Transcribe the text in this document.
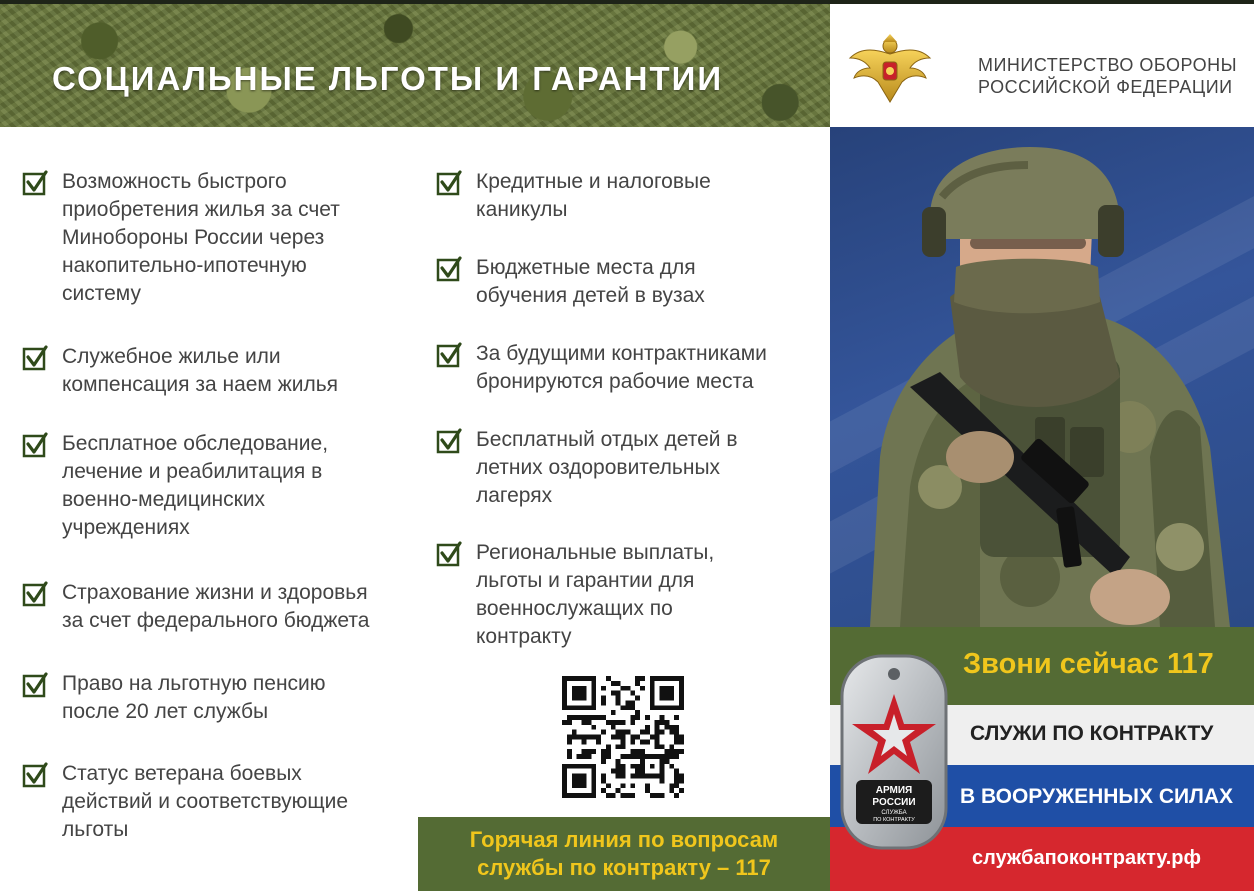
СОЦИАЛЬНЫЕ ЛЬГОТЫ И ГАРАНТИИ	МИНИСТЕРСТВО ОБОРОНЫ
РОССИЙСКОЙ ФЕДЕРАЦИИ
Возможность быстрого
приобретения жилья за счет
Минобороны России через
накопительно-ипотечную
систему
Служебное жилье или
компенсация за наем жилья
Бесплатное обследование,
лечение и реабилитация в
военно-медицинских
учреждениях
Страхование жизни и здоровья
за счет федерального бюджета
Право на льготную пенсию
после 20 лет службы
Статус ветерана боевых
действий и соответствующие
льготы
Кредитные и налоговые
каникулы
Бюджетные места для
обучения детей в вузах
За будущими контрактниками
бронируются рабочие места
Бесплатный отдых детей в
летних оздоровительных
лагерях
Региональные выплаты,
льготы и гарантии для
военнослужащих по
контракту
Горячая линия по вопросам
службы по контракту – 117
Звони сейчас 117
СЛУЖИ ПО КОНТРАКТУ
В ВООРУЖЕННЫХ СИЛАХ
службапоконтракту.рф
АРМИЯ
РОССИИ
СЛУЖБА
ПО КОНТРАКТУ
